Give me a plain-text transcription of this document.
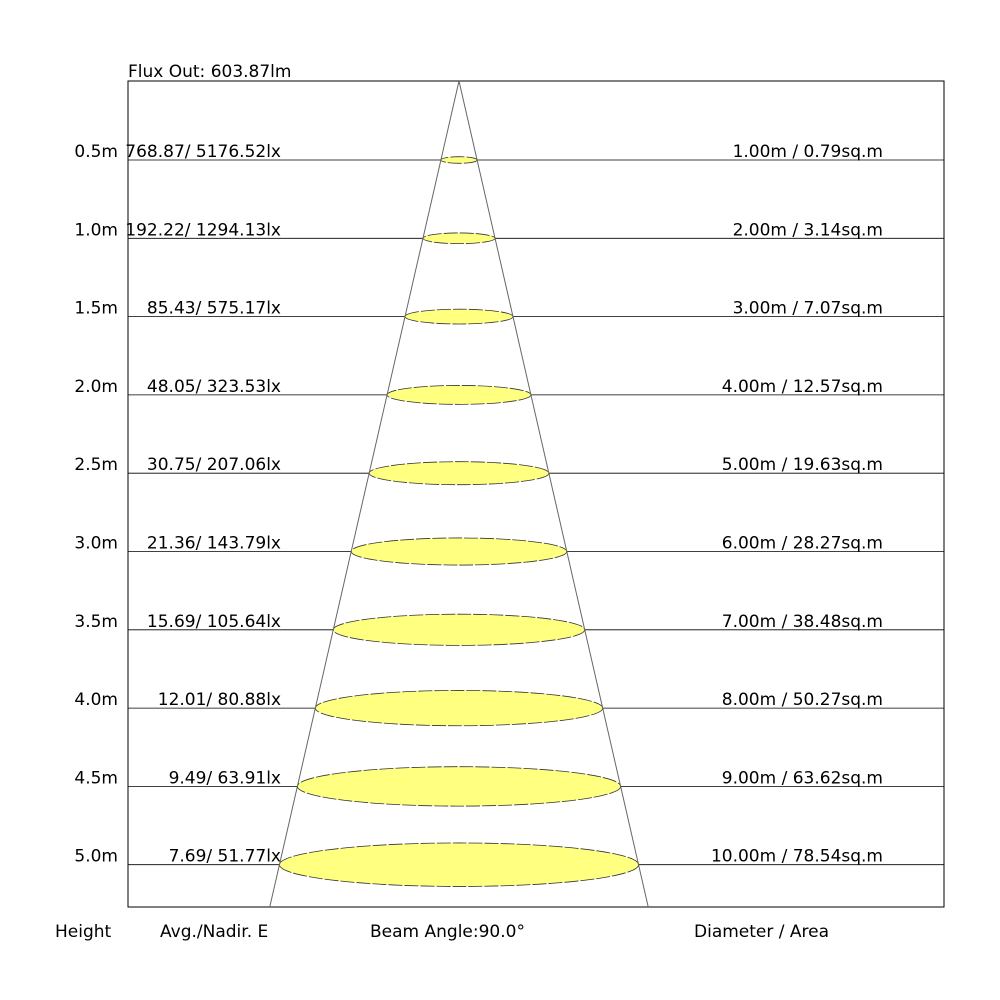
0.5m 768.87/ 5176.52lx	1.00m / 0.79sq.m
1.0m 192.22/ 1294.13lx	2.00m / 3.14sq.m
1.5m 85.43/ 575.17lx	3.00m / 7.07sq.m
2.0m 48.05/ 323.53lx	4.00m / 12.57sq.m
2.5m 30.75/ 207.06lx	5.00m / 19.63sq.m
3.0m 21.36/ 143.79lx	6.00m / 28.27sq.m
3.5m 15.69/ 105.64lx	7.00m / 38.48sq.m
4.0m 12.01/ 80.88lx	8.00m / 50.27sq.m
4.5m	9.49/ 63.91lx	9.00m / 63.62sq.m
5.0m	7.69/ 51.77lx	10.00m / 78.54sq.m
Flux Out: 603.87lm
Height	Avg./Nadir. E	Beam Angle:90.0°	Diameter / Area
